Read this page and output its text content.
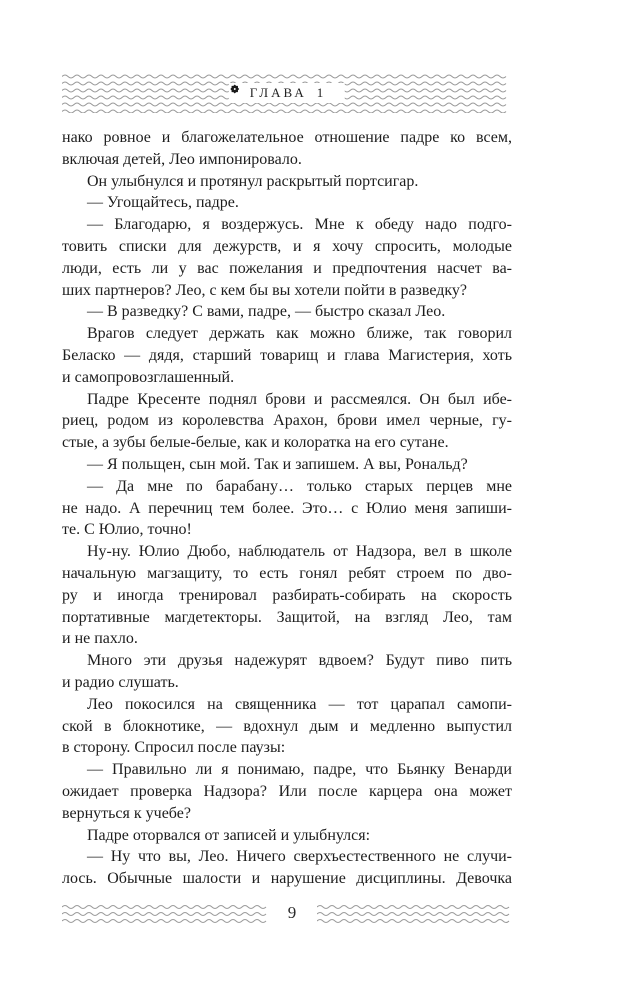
ГЛАВА 1
нако ровное и благожелательное отношение падре ко всем,
включая детей, Лео импонировало.
Он улыбнулся и протянул раскрытый портсигар.
— Угощайтесь, падре.
— Благодарю, я воздержусь. Мне к обеду надо подго-
товить списки для дежурств, и я хочу спросить, молодые
люди, есть ли у вас пожелания и предпочтения насчет ва-
ших партнеров? Лео, с кем бы вы хотели пойти в разведку?
— В разведку? С вами, падре, — быстро сказал Лео.
Врагов следует держать как можно ближе, так говорил
Беласко — дядя, старший товарищ и глава Магистерия, хоть
и самопровозглашенный.
Падре Кресенте поднял брови и рассмеялся. Он был ибе-
риец, родом из королевства Арахон, брови имел черные, гу-
стые, а зубы белые-белые, как и колоратка на его сутане.
— Я польщен, сын мой. Так и запишем. А вы, Рональд?
— Да мне по барабану… только старых перцев мне
не надо. А перечниц тем более. Это… с Юлио меня запиши-
те. С Юлио, точно!
Ну-ну. Юлио Дюбо, наблюдатель от Надзора, вел в школе
начальную магзащиту, то есть гонял ребят строем по дво-
ру и иногда тренировал разбирать-собирать на скорость
портативные магдетекторы. Защитой, на взгляд Лео, там
и не пахло.
Много эти друзья надежурят вдвоем? Будут пиво пить
и радио слушать.
Лео покосился на священника — тот царапал самопи-
ской в блокнотике, — вдохнул дым и медленно выпустил
в сторону. Спросил после паузы:
— Правильно ли я понимаю, падре, что Бьянку Венарди
ожидает проверка Надзора? Или после карцера она может
вернуться к учебе?
Падре оторвался от записей и улыбнулся:
— Ну что вы, Лео. Ничего сверхъестественного не случи-
лось. Обычные шалости и нарушение дисциплины. Девочка
9
